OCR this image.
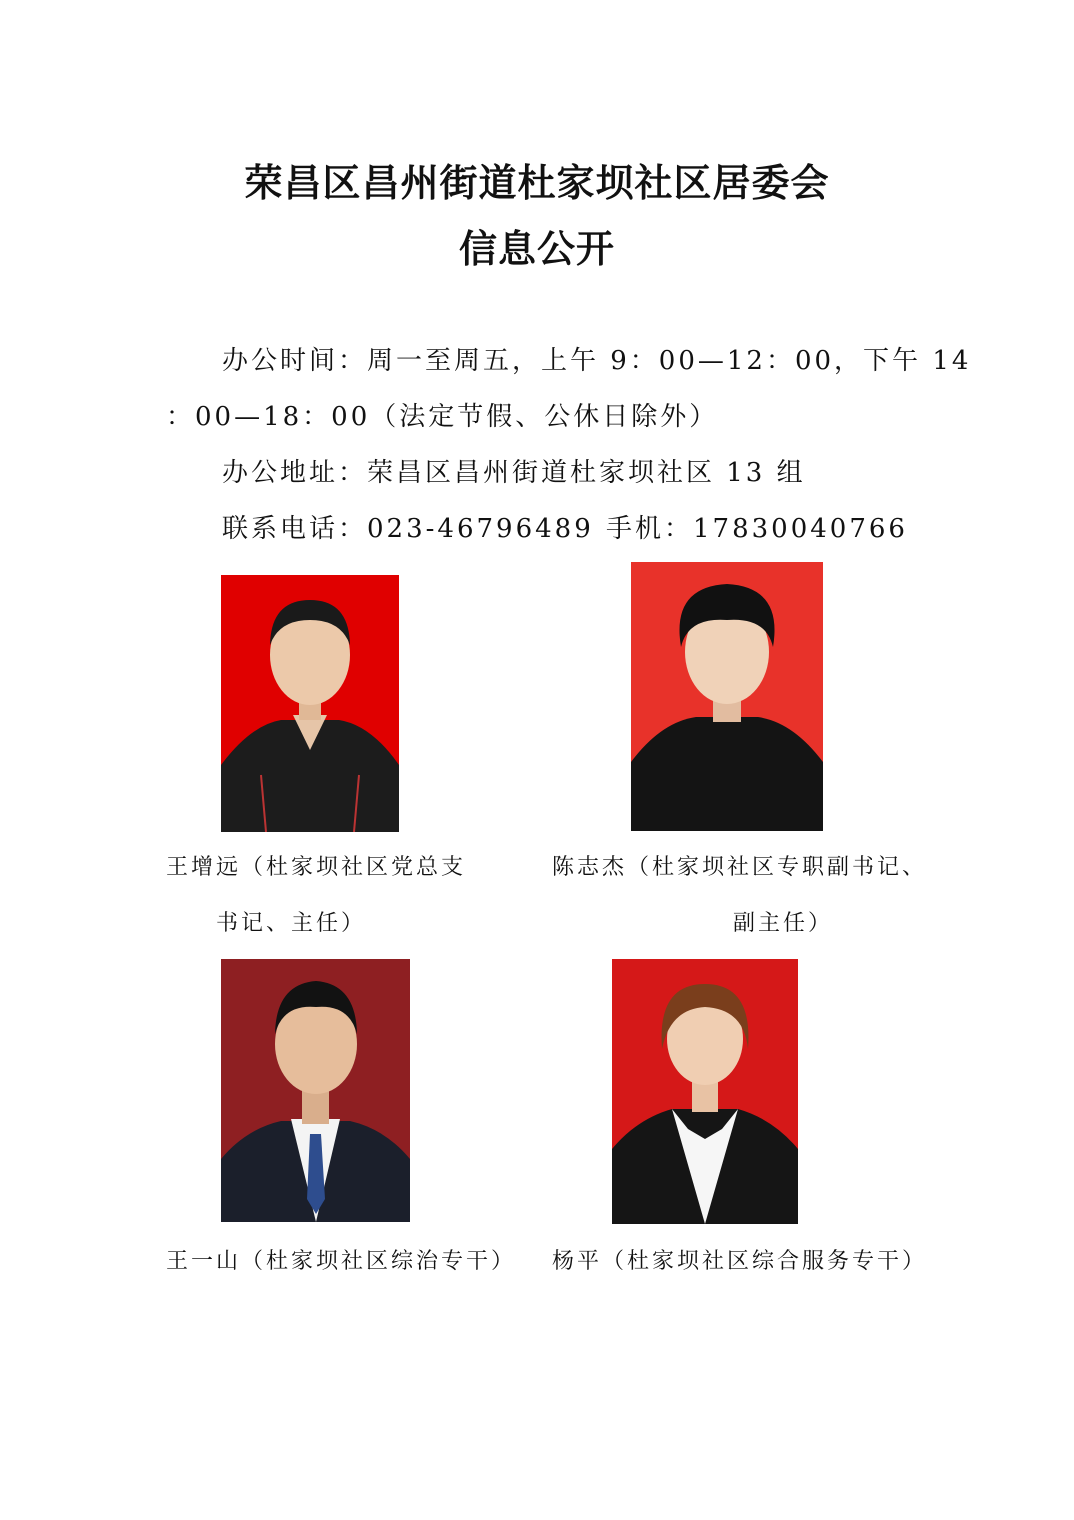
荣昌区昌州街道杜家坝社区居委会
信息公开
办公时间：周一至周五，上午 9：00—12：00，下午 14
：00—18：00（法定节假、公休日除外）
办公地址：荣昌区昌州街道杜家坝社区 13 组
联系电话：023-46796489 手机：17830040766
王增远（杜家坝社区党总支
书记、主任）
陈志杰（杜家坝社区专职副书记、
副主任）
王一山（杜家坝社区综治专干） 杨平（杜家坝社区综合服务专干）
